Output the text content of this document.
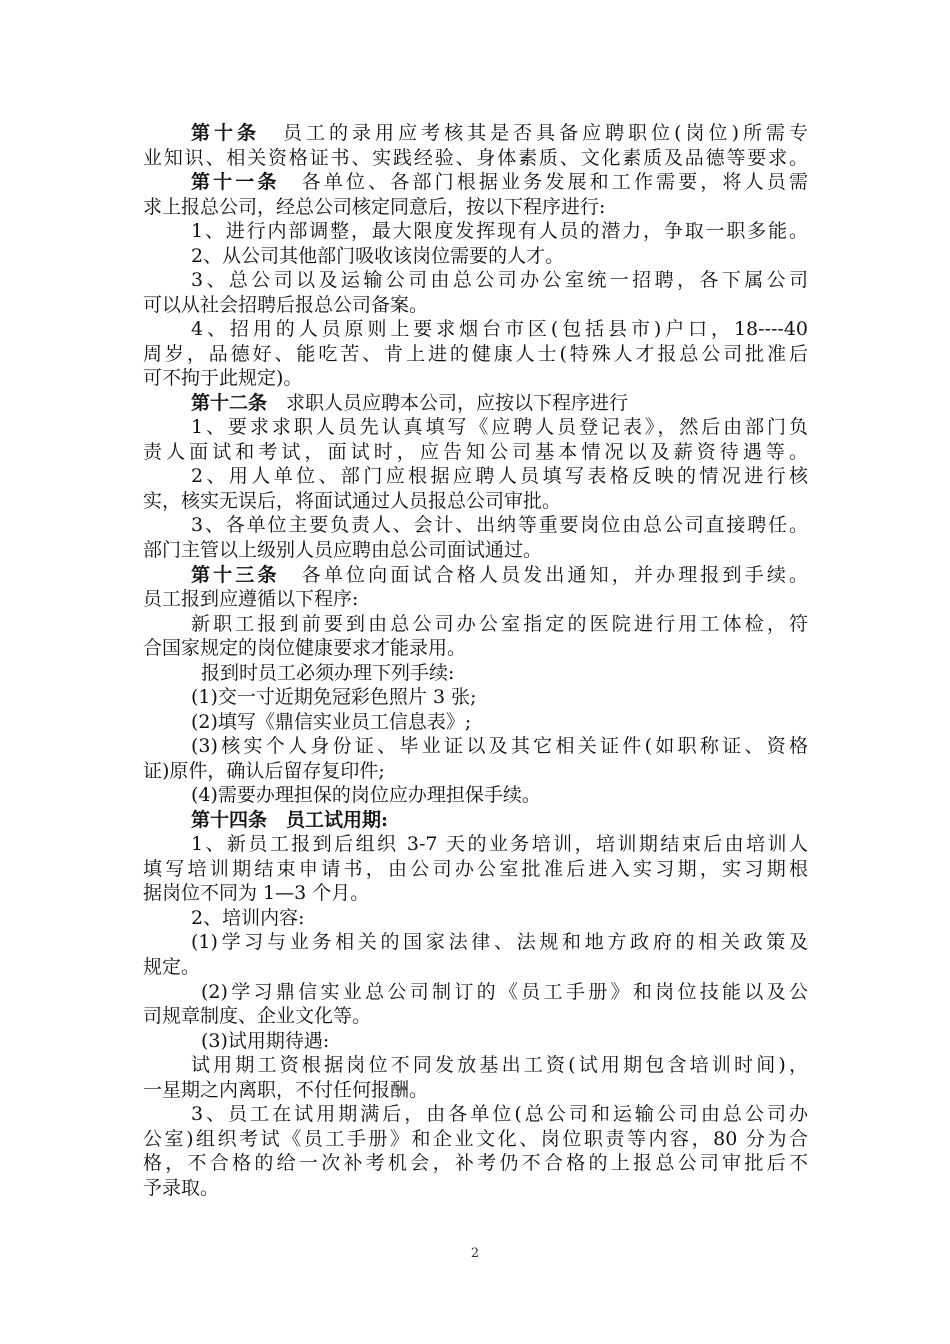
第十条　员工的录用应考核其是否具备应聘职位(岗位)所需专
业知识、相关资格证书、实践经验、身体素质、文化素质及品德等要求。
第十一条　各单位、各部门根据业务发展和工作需要，将人员需
求上报总公司，经总公司核定同意后，按以下程序进行:
1、进行内部调整，最大限度发挥现有人员的潜力，争取一职多能。
2、从公司其他部门吸收该岗位需要的人才。
3、总公司以及运输公司由总公司办公室统一招聘，各下属公司
可以从社会招聘后报总公司备案。
4、招用的人员原则上要求烟台市区(包括县市)户口，18----40
周岁，品德好、能吃苦、肯上进的健康人士(特殊人才报总公司批准后
可不拘于此规定)。
第十二条　求职人员应聘本公司，应按以下程序进行
1、要求求职人员先认真填写《应聘人员登记表》，然后由部门负
责人面试和考试，面试时，应告知公司基本情况以及薪资待遇等。
2、用人单位、部门应根据应聘人员填写表格反映的情况进行核
实，核实无误后，将面试通过人员报总公司审批。
3、各单位主要负责人、会计、出纳等重要岗位由总公司直接聘任。
部门主管以上级别人员应聘由总公司面试通过。
第十三条　各单位向面试合格人员发出通知，并办理报到手续。
员工报到应遵循以下程序:
新职工报到前要到由总公司办公室指定的医院进行用工体检，符
合国家规定的岗位健康要求才能录用。
报到时员工必须办理下列手续:
(1)交一寸近期免冠彩色照片 3 张;
(2)填写《鼎信实业员工信息表》;
(3)核实个人身份证、毕业证以及其它相关证件(如职称证、资格
证)原件，确认后留存复印件;
(4)需要办理担保的岗位应办理担保手续。
第十四条　员工试用期:
1、新员工报到后组织 3-7 天的业务培训，培训期结束后由培训人
填写培训期结束申请书，由公司办公室批准后进入实习期，实习期根
据岗位不同为 1—3 个月。
2、培训内容:
(1)学习与业务相关的国家法律、法规和地方政府的相关政策及
规定。
(2)学习鼎信实业总公司制订的《员工手册》和岗位技能以及公
司规章制度、企业文化等。
(3)试用期待遇:
试用期工资根据岗位不同发放基出工资(试用期包含培训时间)，
一星期之内离职，不付任何报酬。
3、员工在试用期满后，由各单位(总公司和运输公司由总公司办
公室)组织考试《员工手册》和企业文化、岗位职责等内容，80 分为合
格，不合格的给一次补考机会，补考仍不合格的上报总公司审批后不
予录取。
2
